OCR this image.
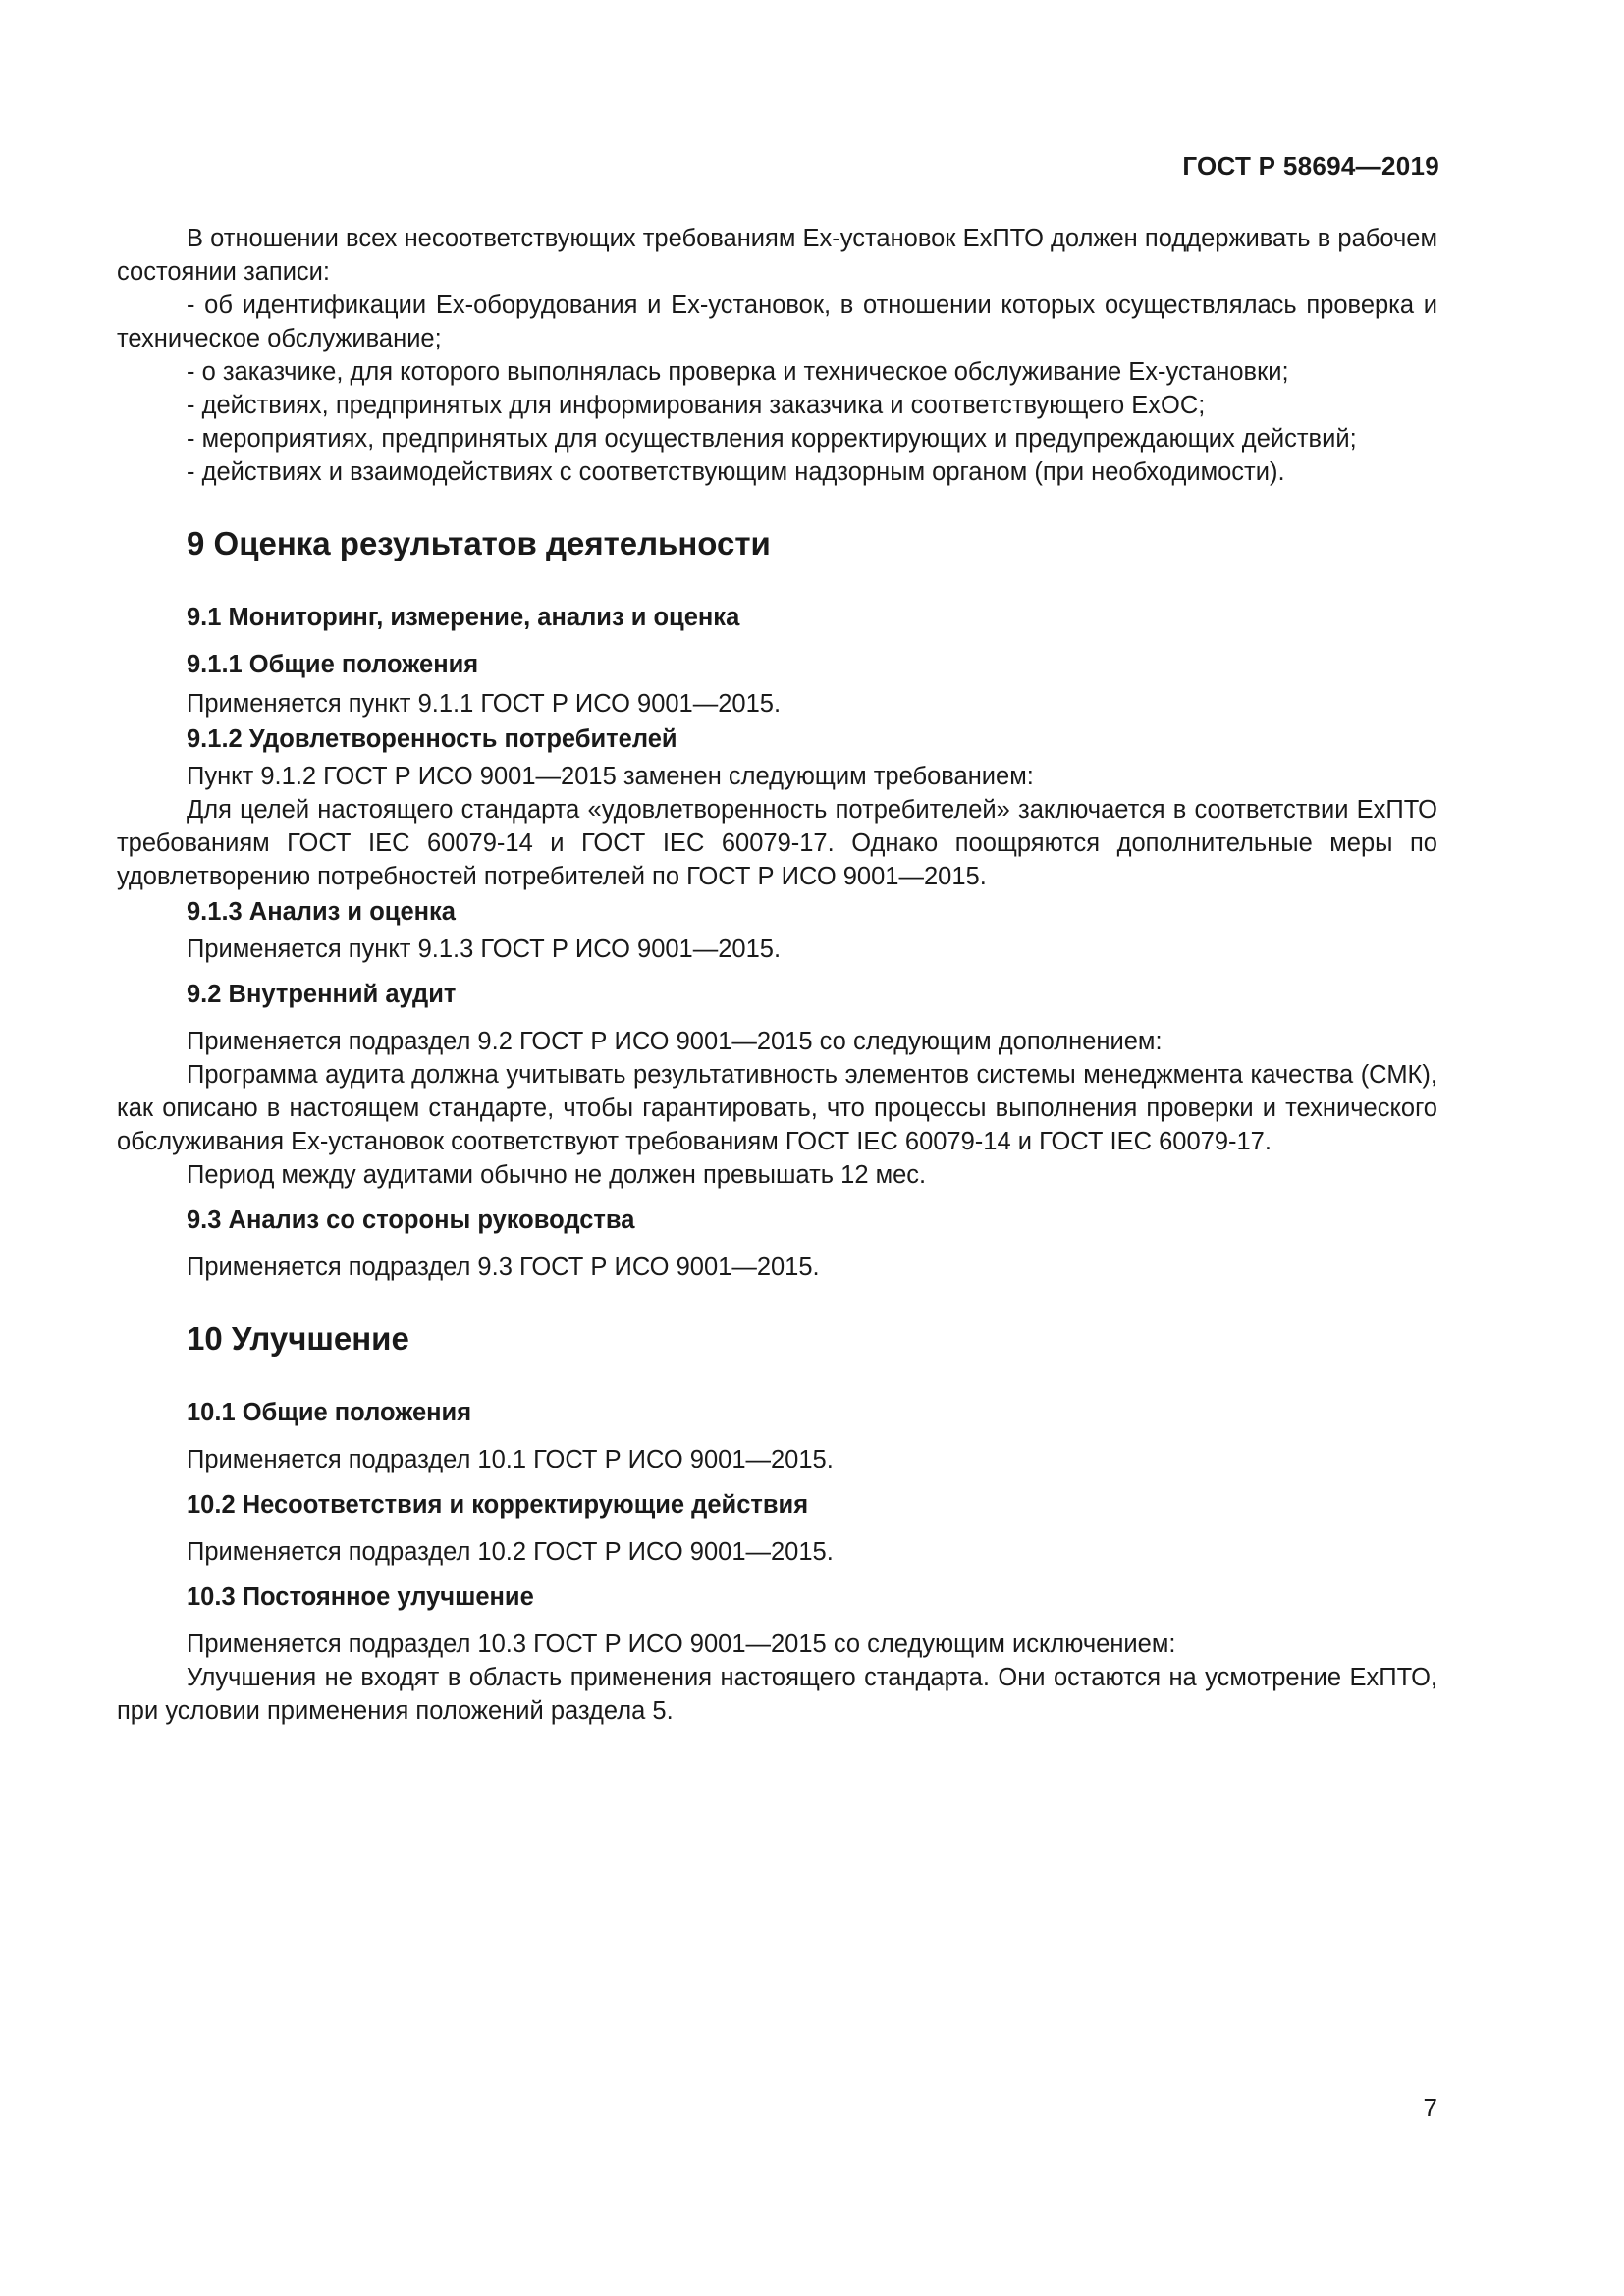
ГОСТ Р 58694—2019

В отношении всех несоответствующих требованиям Ex-установок ЕхПТО должен поддерживать в рабочем состоянии записи:

- об идентификации Ex-оборудования и Ex-установок, в отношении которых осуществлялась проверка и техническое обслуживание;

- о заказчике, для которого выполнялась проверка и техническое обслуживание Ex-установки;

- действиях, предпринятых для информирования заказчика и соответствующего ExОС;

- мероприятиях, предпринятых для осуществления корректирующих и предупреждающих действий;

- действиях и взаимодействиях с соответствующим надзорным органом (при необходимости).

9 Оценка результатов деятельности
9.1 Мониторинг, измерение, анализ и оценка
9.1.1 Общие положения

Применяется пункт 9.1.1 ГОСТ Р ИСО 9001—2015.

9.1.2 Удовлетворенность потребителей

Пункт 9.1.2 ГОСТ Р ИСО 9001—2015 заменен следующим требованием:

Для целей настоящего стандарта «удовлетворенность потребителей» заключается в соответствии ЕхПТО требованиям ГОСТ IEC 60079-14 и ГОСТ IEC 60079-17. Однако поощряются дополнительные меры по удовлетворению потребностей потребителей по ГОСТ Р ИСО 9001—2015.

9.1.3 Анализ и оценка

Применяется пункт 9.1.3 ГОСТ Р ИСО 9001—2015.

9.2 Внутренний аудит

Применяется подраздел 9.2 ГОСТ Р ИСО 9001—2015 со следующим дополнением:

Программа аудита должна учитывать результативность элементов системы менеджмента качества (СМК), как описано в настоящем стандарте, чтобы гарантировать, что процессы выполнения проверки и технического обслуживания Ex-установок соответствуют требованиям ГОСТ IEC 60079-14 и ГОСТ IEC 60079-17.

Период между аудитами обычно не должен превышать 12 мес.

9.3 Анализ со стороны руководства

Применяется подраздел 9.3 ГОСТ Р ИСО 9001—2015.

10 Улучшение
10.1 Общие положения

Применяется подраздел 10.1 ГОСТ Р ИСО 9001—2015.

10.2 Несоответствия и корректирующие действия

Применяется подраздел 10.2 ГОСТ Р ИСО 9001—2015.

10.3 Постоянное улучшение

Применяется подраздел 10.3 ГОСТ Р ИСО 9001—2015 со следующим исключением:

Улучшения не входят в область применения настоящего стандарта. Они остаются на усмотрение ЕхПТО, при условии применения положений раздела 5.

7
